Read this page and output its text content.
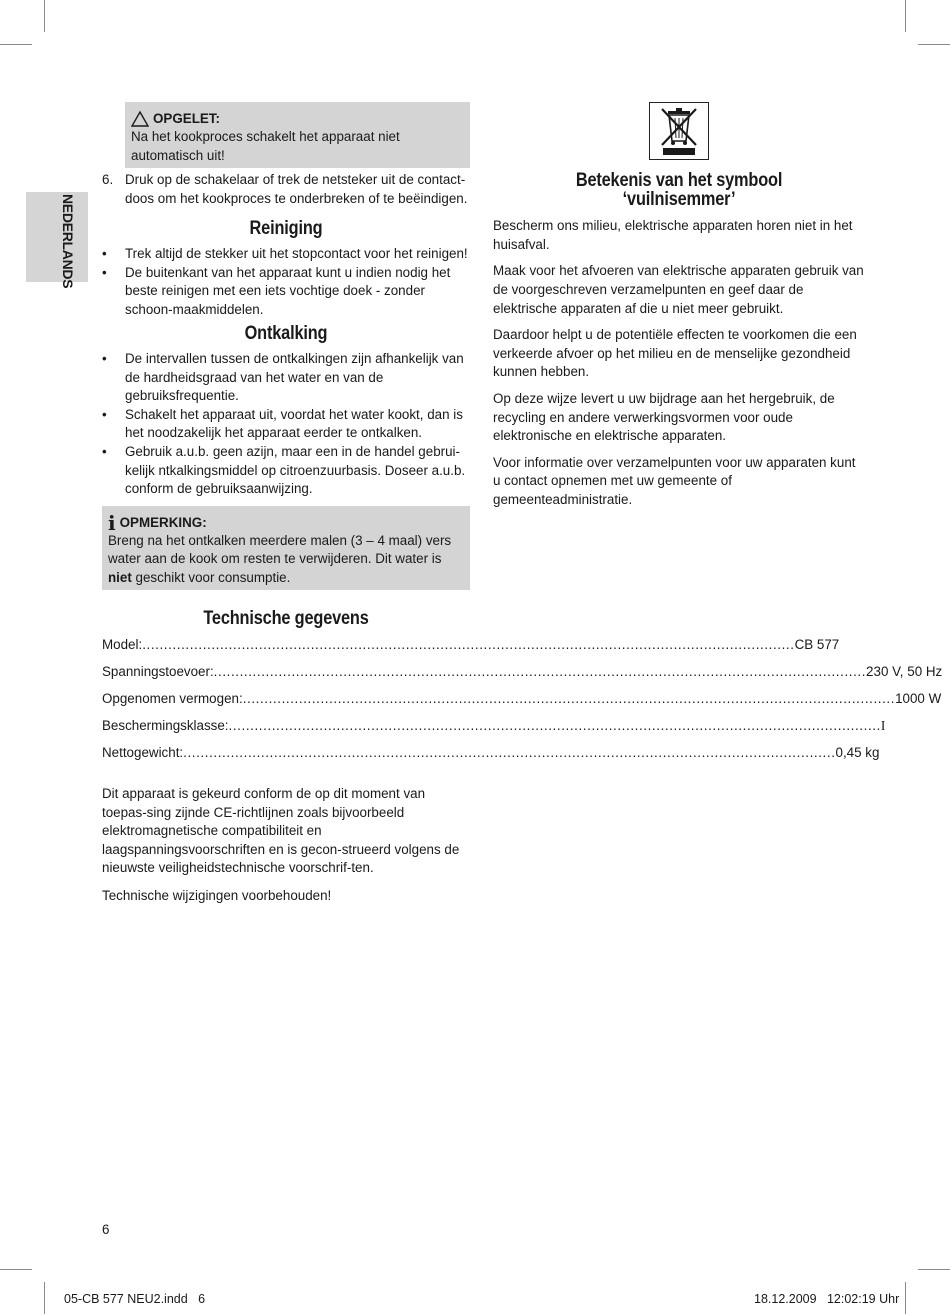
NEDERLANDS
OPGELET:
Na het kookproces schakelt het apparaat niet automatisch uit!
6. Druk op de schakelaar of trek de netsteker uit de contact-doos om het kookproces te onderbreken of te beëindigen.
Reiniging
•	Trek altijd de stekker uit het stopcontact voor het reinigen!
•	De buitenkant van het apparaat kunt u indien nodig het beste reinigen met een iets vochtige doek - zonder schoon-maakmiddelen.
Ontkalking
•	De intervallen tussen de ontkalkingen zijn afhankelijk van de hardheidsgraad van het water en van de gebruiksfrequentie.
•	Schakelt het apparaat uit, voordat het water kookt, dan is het noodzakelijk het apparaat eerder te ontkalken.
•	Gebruik a.u.b. geen azijn, maar een in de handel gebrui-kelijk ntkalkingsmiddel op citroenzuurbasis. Doseer a.u.b. conform de gebruiksaanwijzing.
i OPMERKING:
Breng na het ontkalken meerdere malen (3 – 4 maal) vers water aan de kook om resten te verwijderen. Dit water is niet geschikt voor consumptie.
Technische gegevens
Model: ....................................................................................................................................................... CB 577
Spanningstoevoer: ....................................................................................................................................................... 230 V, 50 Hz
Opgenomen vermogen: ....................................................................................................................................................... 1000 W
Beschermingsklasse: ....................................................................................................................................................... I
Nettogewicht: ....................................................................................................................................................... 0,45 kg

Dit apparaat is gekeurd conform de op dit moment van toepas-sing zijnde CE-richtlijnen zoals bijvoorbeeld elektromagnetische compatibiliteit en laagspanningsvoorschriften en is gecon-strueerd volgens de nieuwste veiligheidstechnische voorschrif-ten.

Technische wijzigingen voorbehouden!

Betekenis van het symbool ‘vuilnisemmer’

Bescherm ons milieu, elektrische apparaten horen niet in het huisafval.

Maak voor het afvoeren van elektrische apparaten gebruik van de voorgeschreven verzamelpunten en geef daar de elektrische apparaten af die u niet meer gebruikt.

Daardoor helpt u de potentiële effecten te voorkomen die een verkeerde afvoer op het milieu en de menselijke gezondheid kunnen hebben.

Op deze wijze levert u uw bijdrage aan het hergebruik, de recycling en andere verwerkingsvormen voor oude elektronische en elektrische apparaten.

Voor informatie over verzamelpunten voor uw apparaten kunt u contact opnemen met uw gemeente of gemeenteadministratie.

6
05-CB 577 NEU2.indd   6	18.12.2009   12:02:19 Uhr
